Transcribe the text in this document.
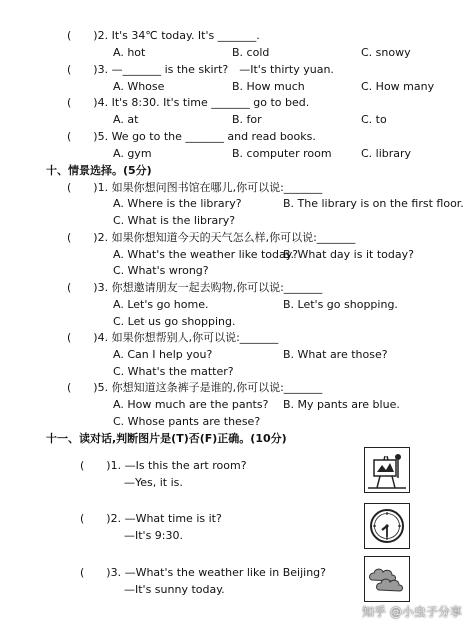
(　　)2. It's 34℃ today. It's _______.
A. hot	B. cold	C. snowy
(　　)3. —_______ is the skirt?　—It's thirty yuan.
A. Whose	B. How much	C. How many
(　　)4. It's 8:30. It's time _______ go to bed.
A. at	B. for	C. to
(　　)5. We go to the _______ and read books.
A. gym	B. computer room	C. library
十、情景选择。(5分)
(　　)1. 如果你想问图书馆在哪儿,你可以说:_______
A. Where is the library?	B. The library is on the first floor.
C. What is the library?
(　　)2. 如果你想知道今天的天气怎么样,你可以说:_______
A. What's the weather like today?
B. What day is it today?
C. What's wrong?
(　　)3. 你想邀请朋友一起去购物,你可以说:_______
A. Let's go home.	B. Let's go shopping.
C. Let us go shopping.
(　　)4. 如果你想帮别人,你可以说:_______
A. Can I help you?	B. What are those?
C. What's the matter?
(　　)5. 你想知道这条裤子是谁的,你可以说:_______
A. How much are the pants? B. My pants are blue.
C. Whose pants are these?
十一、读对话,判断图片是(T)否(F)正确。(10分)
(　　)1. —Is this the art room?
—Yes, it is.
(　　)2. —What time is it?
—It's 9:30.
(　　)3. —What's the weather like in Beijing?
—It's sunny today.
知乎 @小虫子分享
